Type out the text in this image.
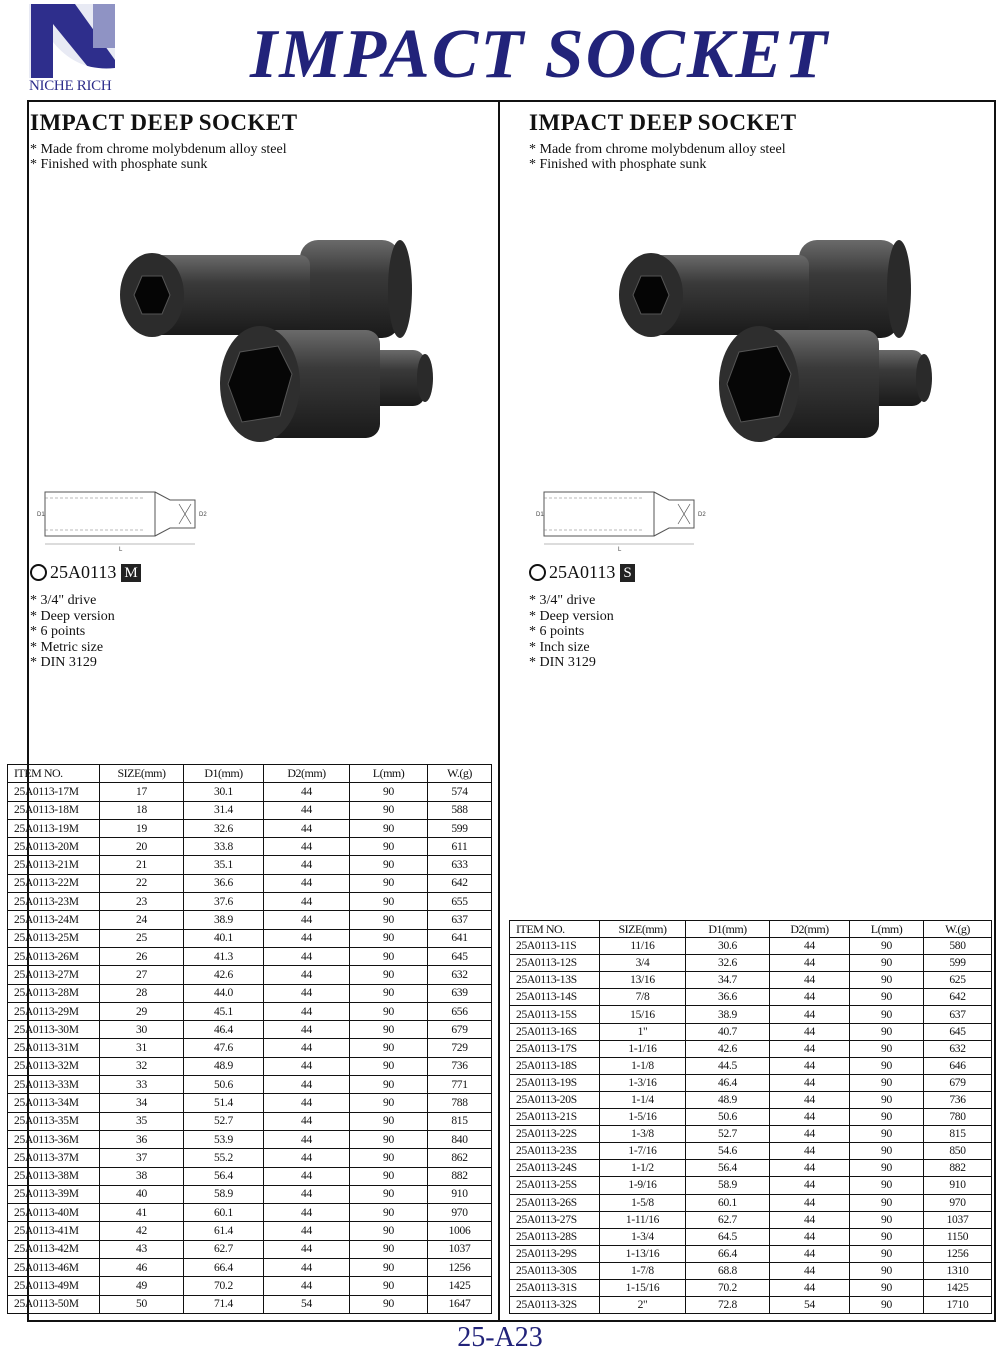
NICHE RICH IMPACT SOCKET
IMPACT DEEP SOCKET
* Made from chrome molybdenum alloy steel
* Finished with phosphate sunk
D1	D2
L
25A0113 M
* 3/4" drive
* Deep version
* 6 points
* Metric size
* DIN 3129
IMPACT DEEP SOCKET
* Made from chrome molybdenum alloy steel
* Finished with phosphate sunk
D1	D2
L
25A0113 S
* 3/4" drive
* Deep version
* 6 points
* Inch size
* DIN 3129
ITEM NO.	SIZE(mm)	D1(mm)	D2(mm)	L(mm)	W.(g)
25A0113-17M	17	30.1	44	90	574
25A0113-18M	18	31.4	44	90	588
25A0113-19M	19	32.6	44	90	599
25A0113-20M	20	33.8	44	90	611
25A0113-21M	21	35.1	44	90	633
25A0113-22M	22	36.6	44	90	642
25A0113-23M	23	37.6	44	90	655
25A0113-24M	24	38.9	44	90	637
25A0113-25M	25	40.1	44	90	641
25A0113-26M	26	41.3	44	90	645
25A0113-27M	27	42.6	44	90	632
25A0113-28M	28	44.0	44	90	639
25A0113-29M	29	45.1	44	90	656
25A0113-30M	30	46.4	44	90	679
25A0113-31M	31	47.6	44	90	729
25A0113-32M	32	48.9	44	90	736
25A0113-33M	33	50.6	44	90	771
25A0113-34M	34	51.4	44	90	788
25A0113-35M	35	52.7	44	90	815
25A0113-36M	36	53.9	44	90	840
25A0113-37M	37	55.2	44	90	862
25A0113-38M	38	56.4	44	90	882
25A0113-39M	40	58.9	44	90	910
25A0113-40M	41	60.1	44	90	970
25A0113-41M	42	61.4	44	90	1006
25A0113-42M	43	62.7	44	90	1037
25A0113-46M	46	66.4	44	90	1256
25A0113-49M	49	70.2	44	90	1425
25A0113-50M	50	71.4	54	90	1647
ITEM NO.	SIZE(mm)	D1(mm)	D2(mm)	L(mm)	W.(g)
25A0113-11S	11/16	30.6	44	90	580
25A0113-12S	3/4	32.6	44	90	599
25A0113-13S	13/16	34.7	44	90	625
25A0113-14S	7/8	36.6	44	90	642
25A0113-15S	15/16	38.9	44	90	637
25A0113-16S	1"	40.7	44	90	645
25A0113-17S	1-1/16	42.6	44	90	632
25A0113-18S	1-1/8	44.5	44	90	646
25A0113-19S	1-3/16	46.4	44	90	679
25A0113-20S	1-1/4	48.9	44	90	736
25A0113-21S	1-5/16	50.6	44	90	780
25A0113-22S	1-3/8	52.7	44	90	815
25A0113-23S	1-7/16	54.6	44	90	850
25A0113-24S	1-1/2	56.4	44	90	882
25A0113-25S	1-9/16	58.9	44	90	910
25A0113-26S	1-5/8	60.1	44	90	970
25A0113-27S	1-11/16	62.7	44	90	1037
25A0113-28S	1-3/4	64.5	44	90	1150
25A0113-29S	1-13/16	66.4	44	90	1256
25A0113-30S	1-7/8	68.8	44	90	1310
25A0113-31S	1-15/16	70.2	44	90	1425
25A0113-32S	2"	72.8	54	90	1710
25-A23
